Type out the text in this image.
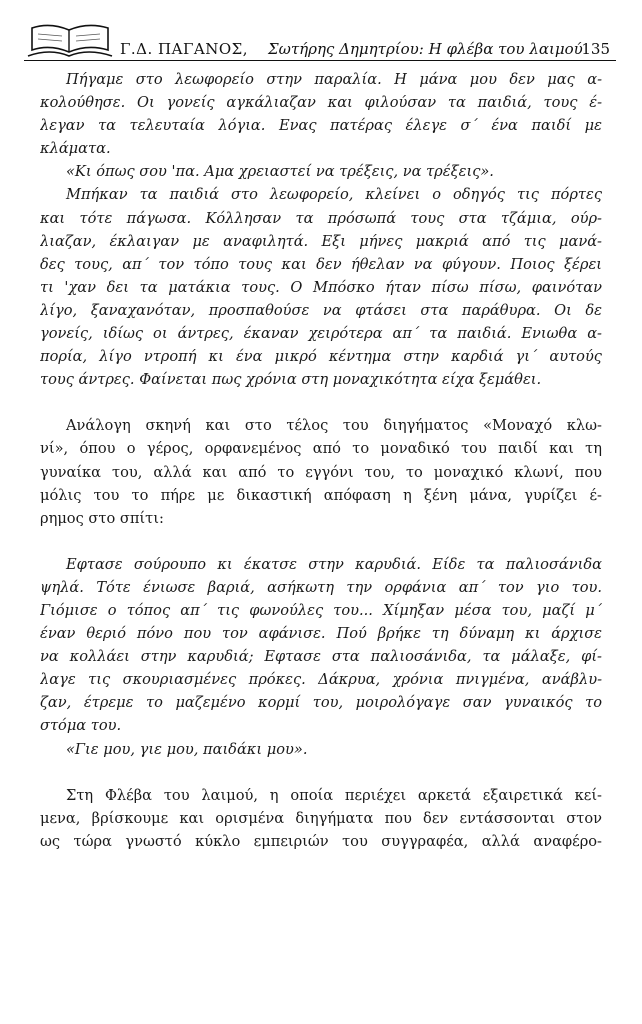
Γ.Δ. ΠΑΓΑΝΟΣ, Σωτήρης Δημητρίου: Η φλέβα του λαιμού
135

Πήγαμε στο λεωφορείο στην παραλία. Η μάνα μου δεν μας α-

κολούθησε. Οι γονείς αγκάλιαζαν και φιλούσαν τα παιδιά, τους έ-

λεγαν τα τελευταία λόγια. Ενας πατέρας έλεγε σ΄ ένα παιδί με

κλάματα.

«Κι όπως σου 'πα. Αμα χρειαστεί να τρέξεις, να τρέξεις».

Μπήκαν τα παιδιά στο λεωφορείο, κλείνει ο οδηγός τις πόρτες

και τότε πάγωσα. Κόλλησαν τα πρόσωπά τους στα τζάμια, ούρ-

λιαζαν, έκλαιγαν με αναφιλητά. Εξι μήνες μακριά από τις μανά-

δες τους, απ΄ τον τόπο τους και δεν ήθελαν να φύγουν. Ποιος ξέρει

τι 'χαν δει τα ματάκια τους. Ο Μπόσκο ήταν πίσω πίσω, φαινόταν

λίγο, ξαναχανόταν, προσπαθούσε να φτάσει στα παράθυρα. Οι δε

γονείς, ιδίως οι άντρες, έκαναν χειρότερα απ΄ τα παιδιά. Ενιωθα α-

πορία, λίγο ντροπή κι ένα μικρό κέντημα στην καρδιά γι΄ αυτούς

τους άντρες. Φαίνεται πως χρόνια στη μοναχικότητα είχα ξεμάθει.

Ανάλογη σκηνή και στο τέλος του διηγήματος «Μοναχό κλω-

νί», όπου ο γέρος, ορφανεμένος από το μοναδικό του παιδί και τη

γυναίκα του, αλλά και από το εγγόνι του, το μοναχικό κλωνί, που

μόλις του το πήρε με δικαστική απόφαση η ξένη μάνα, γυρίζει έ-

ρημος στο σπίτι:

Εφτασε σούρουπο κι έκατσε στην καρυδιά. Είδε τα παλιοσάνιδα

ψηλά. Τότε ένιωσε βαριά, ασήκωτη την ορφάνια απ΄ τον γιο του.

Γιόμισε ο τόπος απ΄ τις φωνούλες του... Χίμηξαν μέσα του, μαζί μ΄

έναν θεριό πόνο που τον αφάνισε. Πού βρήκε τη δύναμη κι άρχισε

να κολλάει στην καρυδιά; Εφτασε στα παλιοσάνιδα, τα μάλαξε, φί-

λαγε τις σκουριασμένες πρόκες. Δάκρυα, χρόνια πνιγμένα, ανάβλυ-

ζαν, έτρεμε το μαζεμένο κορμί του, μοιρολόγαγε σαν γυναικός το

στόμα του.

«Γιε μου, γιε μου, παιδάκι μου».

Στη Φλέβα του λαιμού, η οποία περιέχει αρκετά εξαιρετικά κεί-

μενα, βρίσκουμε και ορισμένα διηγήματα που δεν εντάσσονται στον

ως τώρα γνωστό κύκλο εμπειριών του συγγραφέα, αλλά αναφέρο-
